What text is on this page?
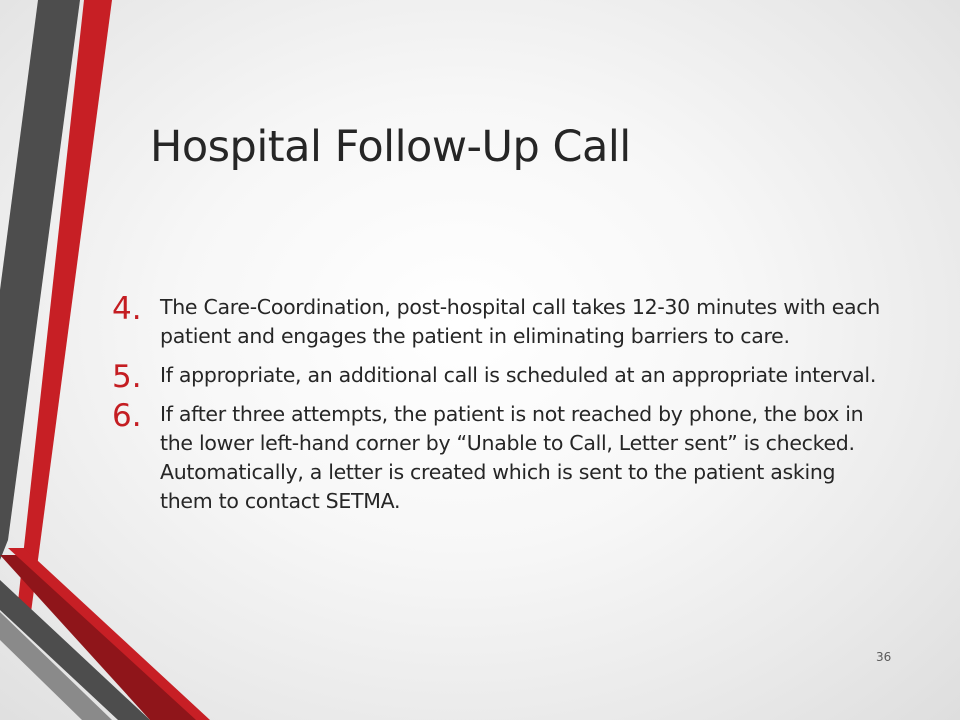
Hospital Follow-Up Call
4. The Care-Coordination, post-hospital call takes 12-30 minutes with each patient and engages the patient in eliminating barriers to care.
5. If appropriate, an additional call is scheduled at an appropriate interval.
6. If after three attempts, the patient is not reached by phone, the box in the lower left-hand corner by “Unable to Call, Letter sent” is checked. Automatically, a letter is created which is sent to the patient asking them to contact SETMA.
36
